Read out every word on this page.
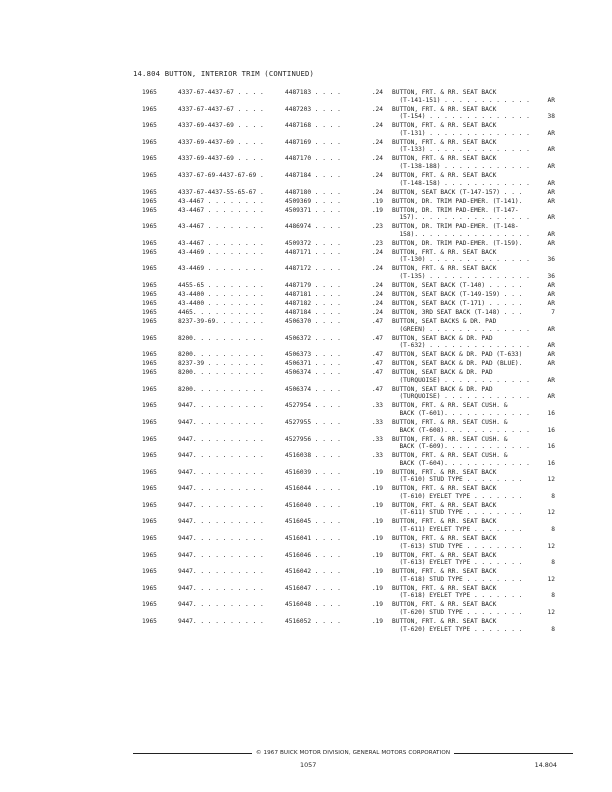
14.804 BUTTON, INTERIOR TRIM (CONTINUED)
1965	4337-67-4437-67 . . . .	4487183 . . . .	.24 BUTTON, FRT. & RR. SEAT BACK
(T-141-151) . . . . . . . . . . . .	AR
1965	4337-67-4437-67 . . . .	4487203 . . . .	.24 BUTTON, FRT. & RR. SEAT BACK
(T-154) . . . . . . . . . . . . . .	38
1965	4337-69-4437-69 . . . .	4487168 . . . .	.24 BUTTON, FRT. & RR. SEAT BACK
(T-131) . . . . . . . . . . . . . .	AR
1965	4337-69-4437-69 . . . .	4487169 . . . .	.24 BUTTON, FRT. & RR. SEAT BACK
(T-133) . . . . . . . . . . . . . .	AR
1965	4337-69-4437-69 . . . .	4487170 . . . .	.24 BUTTON, FRT. & RR. SEAT BACK
(T-138-188) . . . . . . . . . . . .	AR
1965	4337-67-69-4437-67-69 .	4487184 . . . .	.24 BUTTON, FRT. & RR. SEAT BACK
(T-148-158) . . . . . . . . . . . .	AR
1965	4337-67-4437-55-65-67 .	4487180 . . . .	.24 BUTTON, SEAT BACK (T-147-157) . . .	AR
1965	43-4467 . . . . . . . .	4509369 . . . .	.19 BUTTON, DR. TRIM PAD-EMER. (T-141).	AR
1965	43-4467 . . . . . . . .	4509371 . . . .	.19 BUTTON, DR. TRIM PAD-EMER. (T-147-
157). . . . . . . . . . . . . . . .	AR
1965	43-4467 . . . . . . . .	4486974 . . . .	.23 BUTTON, DR. TRIM PAD-EMER. (T-148-
158). . . . . . . . . . . . . . . .	AR
1965	43-4467 . . . . . . . .	4509372 . . . .	.23 BUTTON, DR. TRIM PAD-EMER. (T-159).	AR
1965	43-4469 . . . . . . . .	4487171 . . . .	.24 BUTTON, FRT. & RR. SEAT BACK
(T-130) . . . . . . . . . . . . . .	36
1965	43-4469 . . . . . . . .	4487172 . . . .	.24 BUTTON, FRT. & RR. SEAT BACK
(T-135) . . . . . . . . . . . . . .	36
1965	4455-65 . . . . . . . .	4487179 . . . .	.24 BUTTON, SEAT BACK (T-140) . . . . .	AR
1965	43-4400 . . . . . . . .	4487181 . . . .	.24 BUTTON, SEAT BACK (T-149-159) . . .	AR
1965	43-4400 . . . . . . . .	4487182 . . . .	.24 BUTTON, SEAT BACK (T-171) . . . . .	AR
1965	4465. . . . . . . . . .	4487184 . . . .	.24 BUTTON, 3RD SEAT BACK (T-148) . . .	7
1965	8237-39-69. . . . . . .	4506370 . . . .	.47 BUTTON, SEAT BACKS & DR. PAD
(GREEN) . . . . . . . . . . . . . .	AR
1965	8200. . . . . . . . . .	4506372 . . . .	.47 BUTTON, SEAT BACK & DR. PAD
(T-632) . . . . . . . . . . . . . .	AR
1965	8200. . . . . . . . . .	4506373 . . . .	.47 BUTTON, SEAT BACK & DR. PAD (T-633)	AR
1965	8237-39 . . . . . . . .	4506371 . . . .	.47 BUTTON, SEAT BACK & DR. PAD (BLUE).	AR
1965	8200. . . . . . . . . .	4506374 . . . .	.47 BUTTON, SEAT BACK & DR. PAD
(TURQUOISE) . . . . . . . . . . . .	AR
1965	8200. . . . . . . . . .	4506374 . . . .	.47 BUTTON, SEAT BACK & DR. PAD
(TURQUOISE) . . . . . . . . . . . .	AR
1965	9447. . . . . . . . . .	4527954 . . . .	.33 BUTTON, FRT. & RR. SEAT CUSH. &
BACK (T-601). . . . . . . . . . . .	16
1965	9447. . . . . . . . . .	4527955 . . . .	.33 BUTTON, FRT. & RR. SEAT CUSH. &
BACK (T-608). . . . . . . . . . . .	16
1965	9447. . . . . . . . . .	4527956 . . . .	.33 BUTTON, FRT. & RR. SEAT CUSH. &
BACK (T-609). . . . . . . . . . . .	16
1965	9447. . . . . . . . . .	4516038 . . . .	.33 BUTTON, FRT. & RR. SEAT CUSH. &
BACK (T-604). . . . . . . . . . . .	16
1965	9447. . . . . . . . . .	4516039 . . . .	.19 BUTTON, FRT. & RR. SEAT BACK
(T-610) STUD TYPE . . . . . . . .	12
1965	9447. . . . . . . . . .	4516044 . . . .	.19 BUTTON, FRT. & RR. SEAT BACK
(T-610) EYELET TYPE . . . . . . .	8
1965	9447. . . . . . . . . .	4516040 . . . .	.19 BUTTON, FRT. & RR. SEAT BACK
(T-611) STUD TYPE . . . . . . . .	12
1965	9447. . . . . . . . . .	4516045 . . . .	.19 BUTTON, FRT. & RR. SEAT BACK
(T-611) EYELET TYPE . . . . . . .	8
1965	9447. . . . . . . . . .	4516041 . . . .	.19 BUTTON, FRT. & RR. SEAT BACK
(T-613) STUD TYPE . . . . . . . .	12
1965	9447. . . . . . . . . .	4516046 . . . .	.19 BUTTON, FRT. & RR. SEAT BACK
(T-613) EYELET TYPE . . . . . . .	8
1965	9447. . . . . . . . . .	4516042 . . . .	.19 BUTTON, FRT. & RR. SEAT BACK
(T-618) STUD TYPE . . . . . . . .	12
1965	9447. . . . . . . . . .	4516047 . . . .	.19 BUTTON, FRT. & RR. SEAT BACK
(T-618) EYELET TYPE . . . . . . .	8
1965	9447. . . . . . . . . .	4516048 . . . .	.19 BUTTON, FRT. & RR. SEAT BACK
(T-620) STUD TYPE . . . . . . . .	12
1965	9447. . . . . . . . . .	4516052 . . . .	.19 BUTTON, FRT. & RR. SEAT BACK
(T-620) EYELET TYPE . . . . . . .	8
© 1967 BUICK MOTOR DIVISION, GENERAL MOTORS CORPORATION
1057	14.804
